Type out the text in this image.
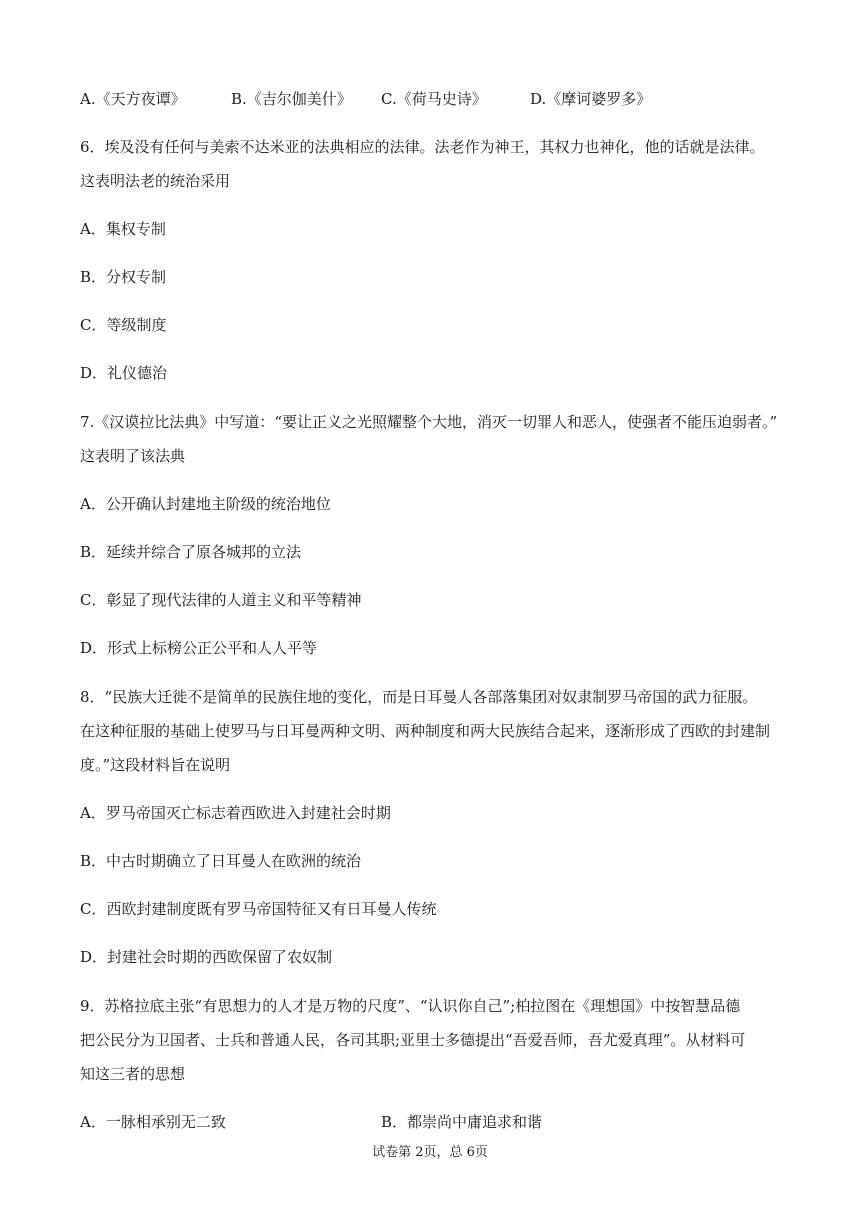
A.《天方夜谭》	B.《吉尔伽美什》 C.《荷马史诗》	D.《摩诃婆罗多》
6．埃及没有任何与美索不达米亚的法典相应的法律。法老作为神王，其权力也神化，他的话就是法律。
这表明法老的统治采用
A．集权专制
B．分权专制
C．等级制度
D．礼仪德治
7.《汉谟拉比法典》中写道：“要让正义之光照耀整个大地，消灭一切罪人和恶人，使强者不能压迫弱者。”
这表明了该法典
A．公开确认封建地主阶级的统治地位
B．延续并综合了原各城邦的立法
C．彰显了现代法律的人道主义和平等精神
D．形式上标榜公正公平和人人平等
8．“民族大迁徙不是简单的民族住地的变化，而是日耳曼人各部落集团对奴隶制罗马帝国的武力征服。
在这种征服的基础上使罗马与日耳曼两种文明、两种制度和两大民族结合起来，逐渐形成了西欧的封建制
度。”这段材料旨在说明
A．罗马帝国灭亡标志着西欧进入封建社会时期
B．中古时期确立了日耳曼人在欧洲的统治
C．西欧封建制度既有罗马帝国特征又有日耳曼人传统
D．封建社会时期的西欧保留了农奴制
9．苏格拉底主张“有思想力的人才是万物的尺度”、“认识你自己”;柏拉图在《理想国》中按智慧品德
把公民分为卫国者、士兵和普通人民，各司其职;亚里士多德提出“吾爱吾师，吾尤爱真理”。从材料可
知这三者的思想
A．一脉相承别无二致	B．都崇尚中庸追求和谐
试卷第 2页，总 6页
